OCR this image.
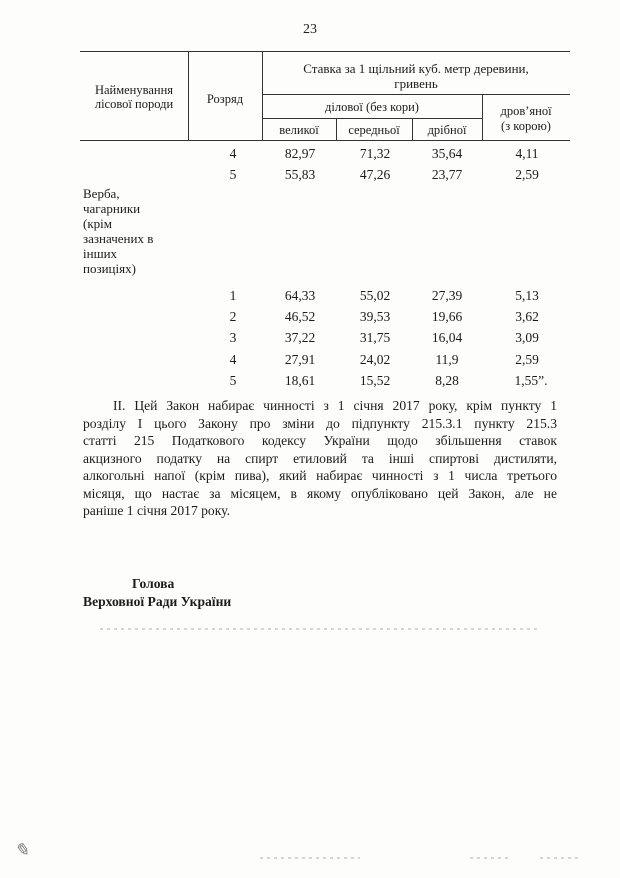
23
Найменування
лісової породи	Розряд
Ставка за 1 щільний куб. метр деревини,
гривень
ділової (без кори)	дров’яної
(з корою)
великої	середньої	дрібної
4	82,97	71,32	35,64	4,11
5	55,83	47,26	23,77	2,59
Верба,
чагарники
(крім
зазначених в
інших
позиціях)
1	64,33	55,02	27,39	5,13
2	46,52	39,53	19,66	3,62
3	37,22	31,75	16,04	3,09
4	27,91	24,02	11,9	2,59
5	18,61	15,52	8,28	1,55”.
II. Цей Закон набирає чинності з 1 січня 2017 року, крім пункту 1
розділу I цього Закону про зміни до підпункту 215.3.1 пункту 215.3
статті 215 Податкового кодексу України щодо збільшення ставок
акцизного податку на спирт етиловий та інші спиртові дистиляти,
алкогольні напої (крім пива), який набирає чинності з 1 числа третього
місяця, що настає за місяцем, в якому опубліковано цей Закон, але не
раніше 1 січня 2017 року.
Голова
Верховної Ради України
✎
